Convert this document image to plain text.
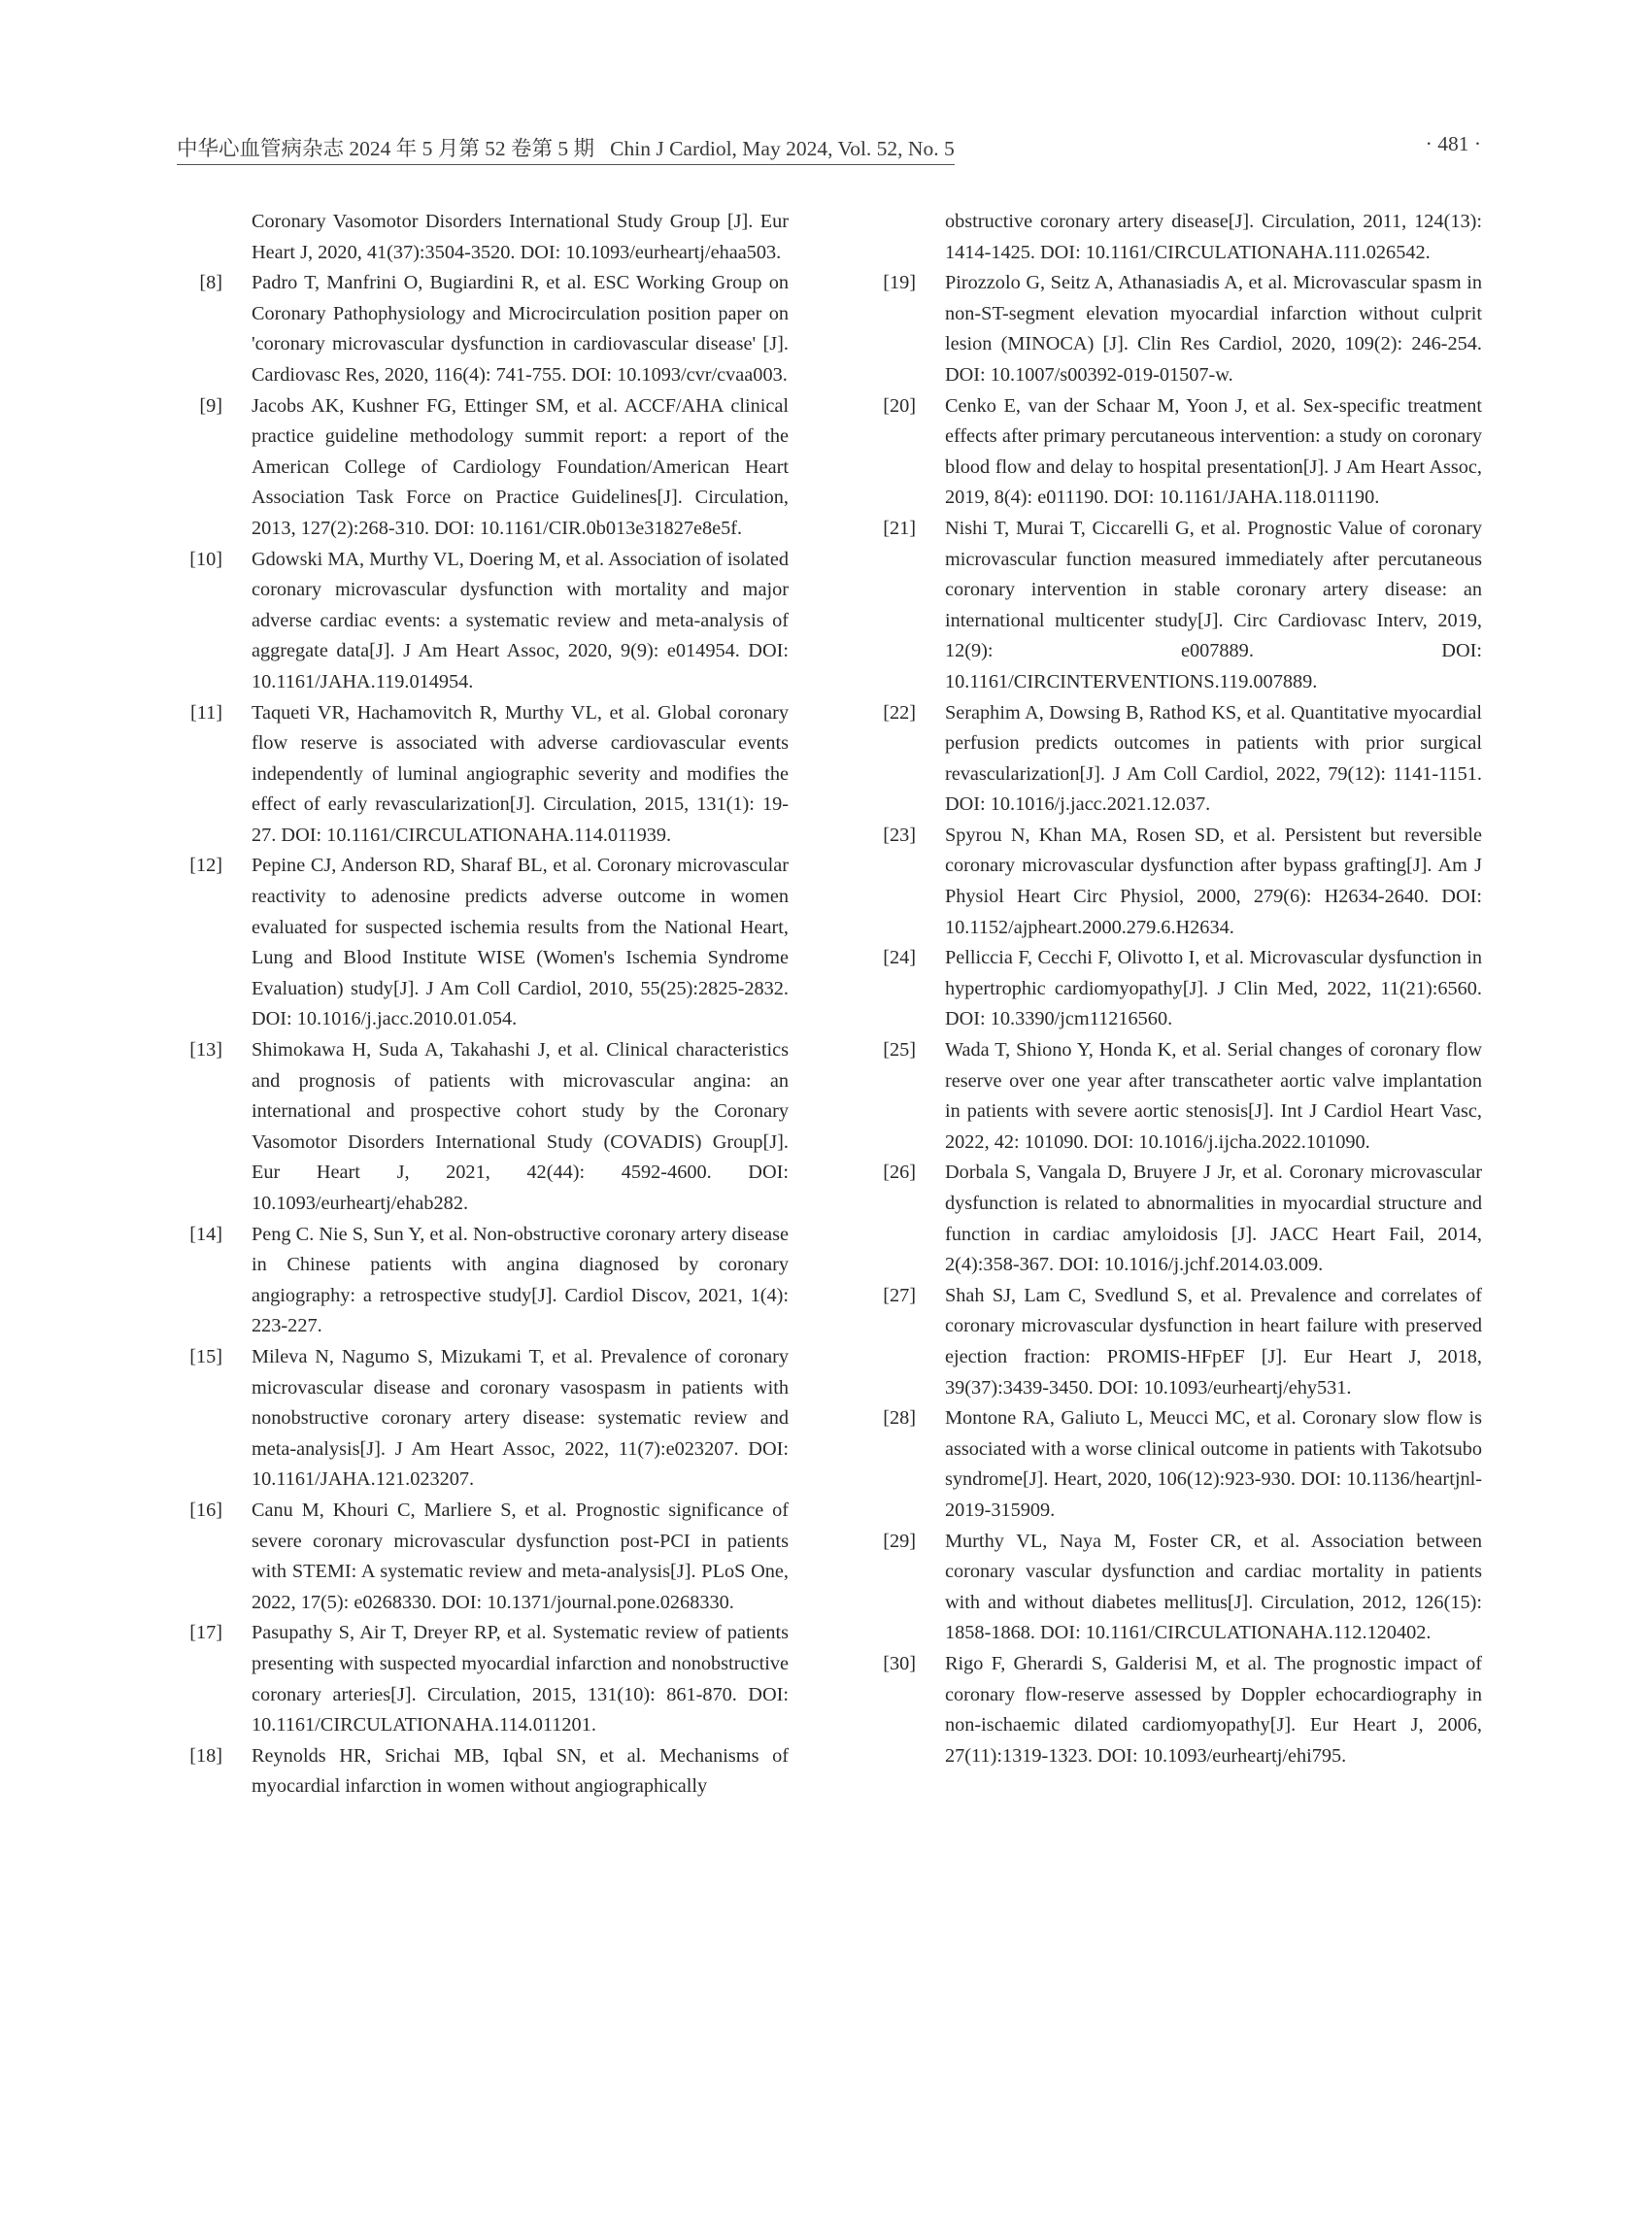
中华心血管病杂志 2024 年 5 月第 52 卷第 5 期 Chin J Cardiol, May 2024, Vol. 52, No. 5	· 481 ·
Coronary Vasomotor Disorders International Study Group [J]. Eur Heart J, 2020, 41(37):3504-3520. DOI: 10.1093/eurheartj/ehaa503.
[8] Padro T, Manfrini O, Bugiardini R, et al. ESC Working Group on Coronary Pathophysiology and Microcirculation position paper on 'coronary microvascular dysfunction in cardiovascular disease' [J]. Cardiovasc Res, 2020, 116(4): 741-755. DOI: 10.1093/cvr/cvaa003.
[9] Jacobs AK, Kushner FG, Ettinger SM, et al. ACCF/AHA clinical practice guideline methodology summit report: a report of the American College of Cardiology Foundation/American Heart Association Task Force on Practice Guidelines[J]. Circulation, 2013, 127(2):268-310. DOI: 10.1161/CIR.0b013e31827e8e5f.
[10] Gdowski MA, Murthy VL, Doering M, et al. Association of isolated coronary microvascular dysfunction with mortality and major adverse cardiac events: a systematic review and meta-analysis of aggregate data[J]. J Am Heart Assoc, 2020, 9(9): e014954. DOI: 10.1161/JAHA.119.014954.
[11] Taqueti VR, Hachamovitch R, Murthy VL, et al. Global coronary flow reserve is associated with adverse cardiovascular events independently of luminal angiographic severity and modifies the effect of early revascularization[J]. Circulation, 2015, 131(1): 19-27. DOI: 10.1161/CIRCULATIONAHA.114.011939.
[12] Pepine CJ, Anderson RD, Sharaf BL, et al. Coronary microvascular reactivity to adenosine predicts adverse outcome in women evaluated for suspected ischemia results from the National Heart, Lung and Blood Institute WISE (Women's Ischemia Syndrome Evaluation) study[J]. J Am Coll Cardiol, 2010, 55(25):2825-2832. DOI: 10.1016/j.jacc.2010.01.054.
[13] Shimokawa H, Suda A, Takahashi J, et al. Clinical characteristics and prognosis of patients with microvascular angina: an international and prospective cohort study by the Coronary Vasomotor Disorders International Study (COVADIS) Group[J]. Eur Heart J, 2021, 42(44): 4592-4600. DOI: 10.1093/eurheartj/ehab282.
[14] Peng C. Nie S, Sun Y, et al. Non-obstructive coronary artery disease in Chinese patients with angina diagnosed by coronary angiography: a retrospective study[J]. Cardiol Discov, 2021, 1(4): 223-227.
[15] Mileva N, Nagumo S, Mizukami T, et al. Prevalence of coronary microvascular disease and coronary vasospasm in patients with nonobstructive coronary artery disease: systematic review and meta-analysis[J]. J Am Heart Assoc, 2022, 11(7):e023207. DOI: 10.1161/JAHA.121.023207.
[16] Canu M, Khouri C, Marliere S, et al. Prognostic significance of severe coronary microvascular dysfunction post-PCI in patients with STEMI: A systematic review and meta-analysis[J]. PLoS One, 2022, 17(5): e0268330. DOI: 10.1371/journal.pone.0268330.
[17] Pasupathy S, Air T, Dreyer RP, et al. Systematic review of patients presenting with suspected myocardial infarction and nonobstructive coronary arteries[J]. Circulation, 2015, 131(10): 861-870. DOI: 10.1161/CIRCULATIONAHA.114.011201.
[18] Reynolds HR, Srichai MB, Iqbal SN, et al. Mechanisms of myocardial infarction in women without angiographically
obstructive coronary artery disease[J]. Circulation, 2011, 124(13): 1414-1425. DOI: 10.1161/CIRCULATIONAHA.111.026542.
[19] Pirozzolo G, Seitz A, Athanasiadis A, et al. Microvascular spasm in non-ST-segment elevation myocardial infarction without culprit lesion (MINOCA) [J]. Clin Res Cardiol, 2020, 109(2): 246-254. DOI: 10.1007/s00392-019-01507-w.
[20] Cenko E, van der Schaar M, Yoon J, et al. Sex-specific treatment effects after primary percutaneous intervention: a study on coronary blood flow and delay to hospital presentation[J]. J Am Heart Assoc, 2019, 8(4): e011190. DOI: 10.1161/JAHA.118.011190.
[21] Nishi T, Murai T, Ciccarelli G, et al. Prognostic Value of coronary microvascular function measured immediately after percutaneous coronary intervention in stable coronary artery disease: an international multicenter study[J]. Circ Cardiovasc Interv, 2019, 12(9): e007889. DOI: 10.1161/CIRCINTERVENTIONS.119.007889.
[22] Seraphim A, Dowsing B, Rathod KS, et al. Quantitative myocardial perfusion predicts outcomes in patients with prior surgical revascularization[J]. J Am Coll Cardiol, 2022, 79(12): 1141-1151. DOI: 10.1016/j.jacc.2021.12.037.
[23] Spyrou N, Khan MA, Rosen SD, et al. Persistent but reversible coronary microvascular dysfunction after bypass grafting[J]. Am J Physiol Heart Circ Physiol, 2000, 279(6): H2634-2640. DOI: 10.1152/ajpheart.2000.279.6.H2634.
[24] Pelliccia F, Cecchi F, Olivotto I, et al. Microvascular dysfunction in hypertrophic cardiomyopathy[J]. J Clin Med, 2022, 11(21):6560. DOI: 10.3390/jcm11216560.
[25] Wada T, Shiono Y, Honda K, et al. Serial changes of coronary flow reserve over one year after transcatheter aortic valve implantation in patients with severe aortic stenosis[J]. Int J Cardiol Heart Vasc, 2022, 42: 101090. DOI: 10.1016/j.ijcha.2022.101090.
[26] Dorbala S, Vangala D, Bruyere J Jr, et al. Coronary microvascular dysfunction is related to abnormalities in myocardial structure and function in cardiac amyloidosis [J]. JACC Heart Fail, 2014, 2(4):358-367. DOI: 10.1016/j.jchf.2014.03.009.
[27] Shah SJ, Lam C, Svedlund S, et al. Prevalence and correlates of coronary microvascular dysfunction in heart failure with preserved ejection fraction: PROMIS-HFpEF [J]. Eur Heart J, 2018, 39(37):3439-3450. DOI: 10.1093/eurheartj/ehy531.
[28] Montone RA, Galiuto L, Meucci MC, et al. Coronary slow flow is associated with a worse clinical outcome in patients with Takotsubo syndrome[J]. Heart, 2020, 106(12):923-930. DOI: 10.1136/heartjnl-2019-315909.
[29] Murthy VL, Naya M, Foster CR, et al. Association between coronary vascular dysfunction and cardiac mortality in patients with and without diabetes mellitus[J]. Circulation, 2012, 126(15): 1858-1868. DOI: 10.1161/CIRCULATIONAHA.112.120402.
[30] Rigo F, Gherardi S, Galderisi M, et al. The prognostic impact of coronary flow-reserve assessed by Doppler echocardiography in non-ischaemic dilated cardiomyopathy[J]. Eur Heart J, 2006, 27(11):1319-1323. DOI: 10.1093/eurheartj/ehi795.
